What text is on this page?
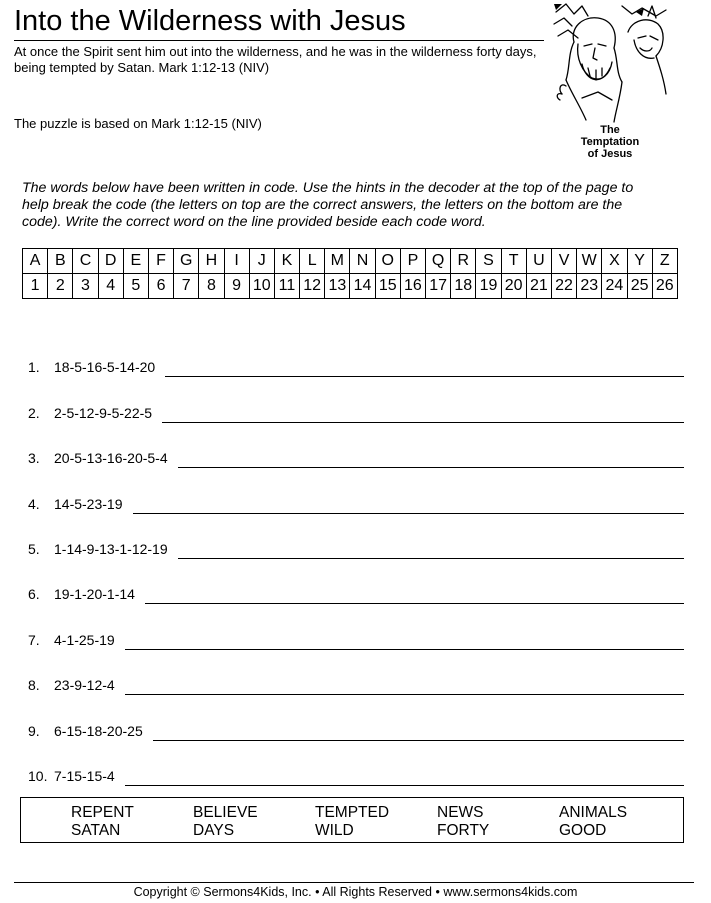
Into the Wilderness with Jesus
At once the Spirit sent him out into the wilderness, and he was in the wilderness forty days, being tempted by Satan. Mark 1:12-13 (NIV)
The puzzle is based on Mark 1:12-15 (NIV)	The
Temptation
of Jesus
The words below have been written in code. Use the hints in the decoder at the top of the page to help break the code (the letters on top are the correct answers, the letters on the bottom are the code). Write the correct word on the line provided beside each code word.
A	B	C	D	E	F	G	H	I	J	K	L	M	N	O	P	Q	R	S	T	U	V	W	X	Y	Z
1	2	3	4	5	6	7	8	9	10	11	12	13	14	15	16	17	18	19	20	21	22	23	24	25	26
1.	18-5-16-5-14-20
2.	2-5-12-9-5-22-5
3.	20-5-13-16-20-5-4
4.	14-5-23-19
5.	1-14-9-13-1-12-19
6.	19-1-20-1-14
7.	4-1-25-19
8.	23-9-12-4
9.	6-15-18-20-25
10. 7-15-15-4
REPENT
SATAN
BELIEVE
DAYS
TEMPTED
WILD
NEWS
FORTY
ANIMALS
GOOD
Copyright © Sermons4Kids, Inc. • All Rights Reserved • www.sermons4kids.com
